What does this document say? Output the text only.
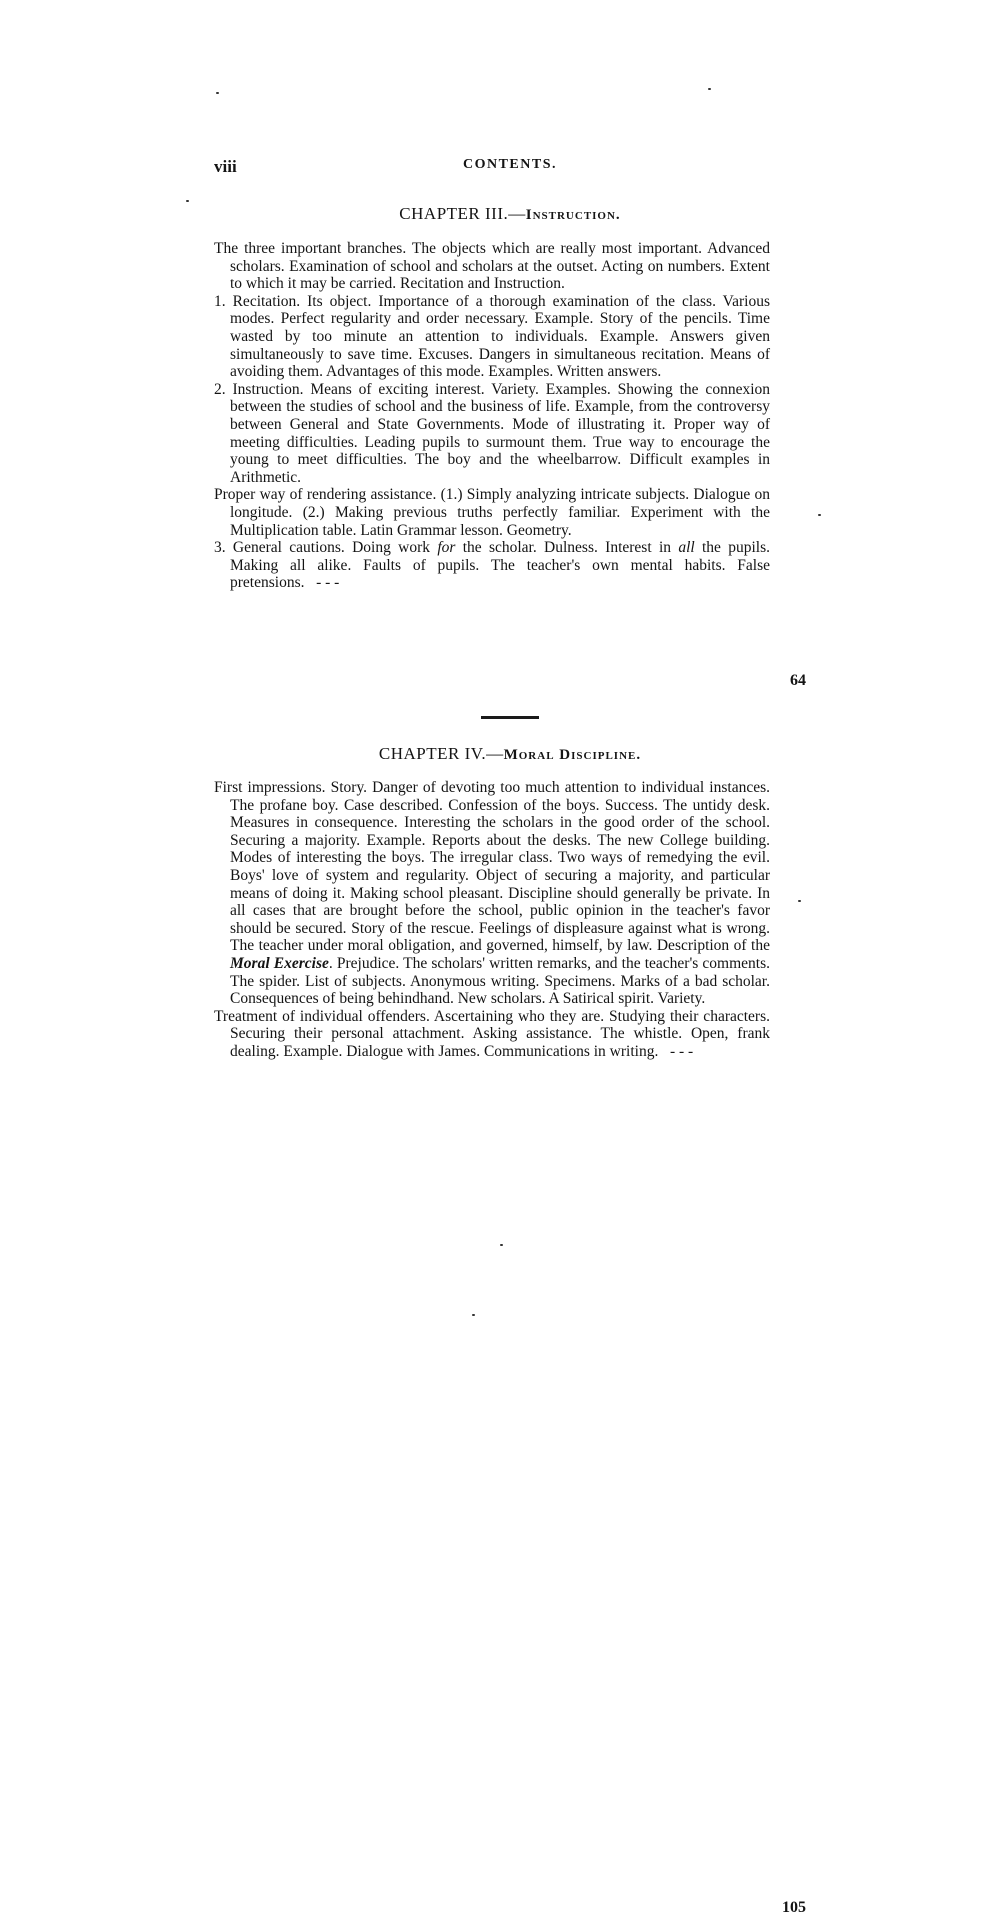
viii	CONTENTS.
CHAPTER III.—Instruction.

The three important branches. The objects which are really most important. Advanced scholars. Examination of school and scholars at the outset. Acting on numbers. Extent to which it may be carried. Recitation and Instruction.

1. Recitation. Its object. Importance of a thorough examination of the class. Various modes. Perfect regularity and order necessary. Example. Story of the pencils. Time wasted by too minute an attention to individuals. Example. Answers given simultaneously to save time. Excuses. Dangers in simultaneous recitation. Means of avoiding them. Advantages of this mode. Examples. Written answers.

2. Instruction. Means of exciting interest. Variety. Examples. Showing the connexion between the studies of school and the business of life. Example, from the controversy between General and State Governments. Mode of illustrating it. Proper way of meeting difficulties. Leading pupils to surmount them. True way to encourage the young to meet difficulties. The boy and the wheelbarrow. Difficult examples in Arithmetic.

Proper way of rendering assistance. (1.) Simply analyzing intricate subjects. Dialogue on longitude. (2.) Making previous truths perfectly familiar. Experiment with the Multiplication table. Latin Grammar lesson. Geometry.

3. General cautions. Doing work for the scholar. Dulness. Interest in all the pupils. Making all alike. Faults of pupils. The teacher's own mental habits. False pretensions. - - -

64
CHAPTER IV.—Moral Discipline.

First impressions. Story. Danger of devoting too much attention to individual instances. The profane boy. Case described. Confession of the boys. Success. The untidy desk. Measures in consequence. Interesting the scholars in the good order of the school. Securing a majority. Example. Reports about the desks. The new College building. Modes of interesting the boys. The irregular class. Two ways of remedying the evil. Boys' love of system and regularity. Object of securing a majority, and particular means of doing it. Making school pleasant. Discipline should generally be private. In all cases that are brought before the school, public opinion in the teacher's favor should be secured. Story of the rescue. Feelings of displeasure against what is wrong. The teacher under moral obligation, and governed, himself, by law. Description of the Moral Exercise. Prejudice. The scholars' written remarks, and the teacher's comments. The spider. List of subjects. Anonymous writing. Specimens. Marks of a bad scholar. Consequences of being behindhand. New scholars. A Satirical spirit. Variety.

Treatment of individual offenders. Ascertaining who they are. Studying their characters. Securing their personal attachment. Asking assistance. The whistle. Open, frank dealing. Example. Dialogue with James. Communications in writing. - - -

105
